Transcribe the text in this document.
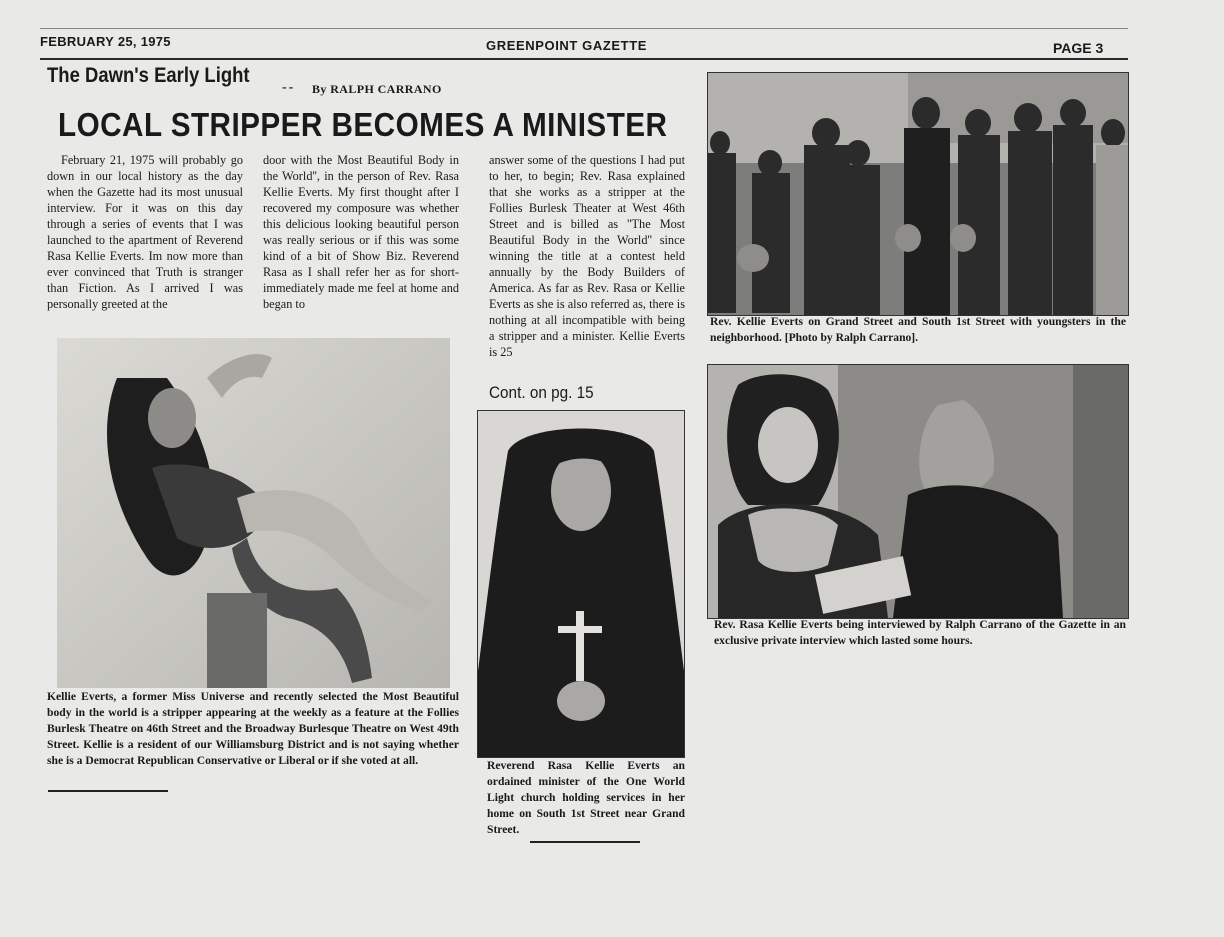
FEBRUARY 25, 1975	GREENPOINT GAZETTE	PAGE 3
The Dawn's Early Light
-- By RALPH CARRANO
LOCAL STRIPPER BECOMES A MINISTER

February 21, 1975 will probably go down in our local history as the day when the Gazette had its most unusual interview. For it was on this day through a series of events that I was launched to the apartment of Reverend Rasa Kellie Everts. Im now more than ever convinced that Truth is stranger than Fiction. As I arrived I was personally greeted at the

door with the Most Beautiful Body in the World'', in the person of Rev. Rasa Kellie Everts. My first thought after I recovered my composure was whether this delicious looking beautiful person was really serious or if this was some kind of a bit of Show Biz. Reverend Rasa as I shall refer her as for short- immediately made me feel at home and began to

answer some of the questions I had put to her, to begin; Rev. Rasa explained that she works as a stripper at the Follies Burlesk Theater at West 46th Street and is billed as ''The Most Beautiful Body in the World'' since winning the title at a contest held annually by the Body Builders of America. As far as Rev. Rasa or Kellie Everts as she is also referred as, there is nothing at all incompatible with being a stripper and a minister. Kellie Everts is 25

Cont. on pg. 15
Kellie Everts, a former Miss Universe and recently selected the Most Beautiful body in the world is a stripper appearing at the weekly as a feature at the Follies Burlesk Theatre on 46th Street and the Broadway Burlesque Theatre on West 49th Street. Kellie is a resident of our Williamsburg District and is not saying whether she is a Democrat Republican Conservative or Liberal or if she voted at all.
Rev. Kellie Everts on Grand Street and South 1st Street with youngsters in the neighborhood. [Photo by Ralph Carrano].
Reverend Rasa Kellie Everts an ordained minister of the One World Light church holding services in her home on South 1st Street near Grand Street.
Rev. Rasa Kellie Everts being interviewed by Ralph Carrano of the Gazette in an exclusive private interview which lasted some hours.
